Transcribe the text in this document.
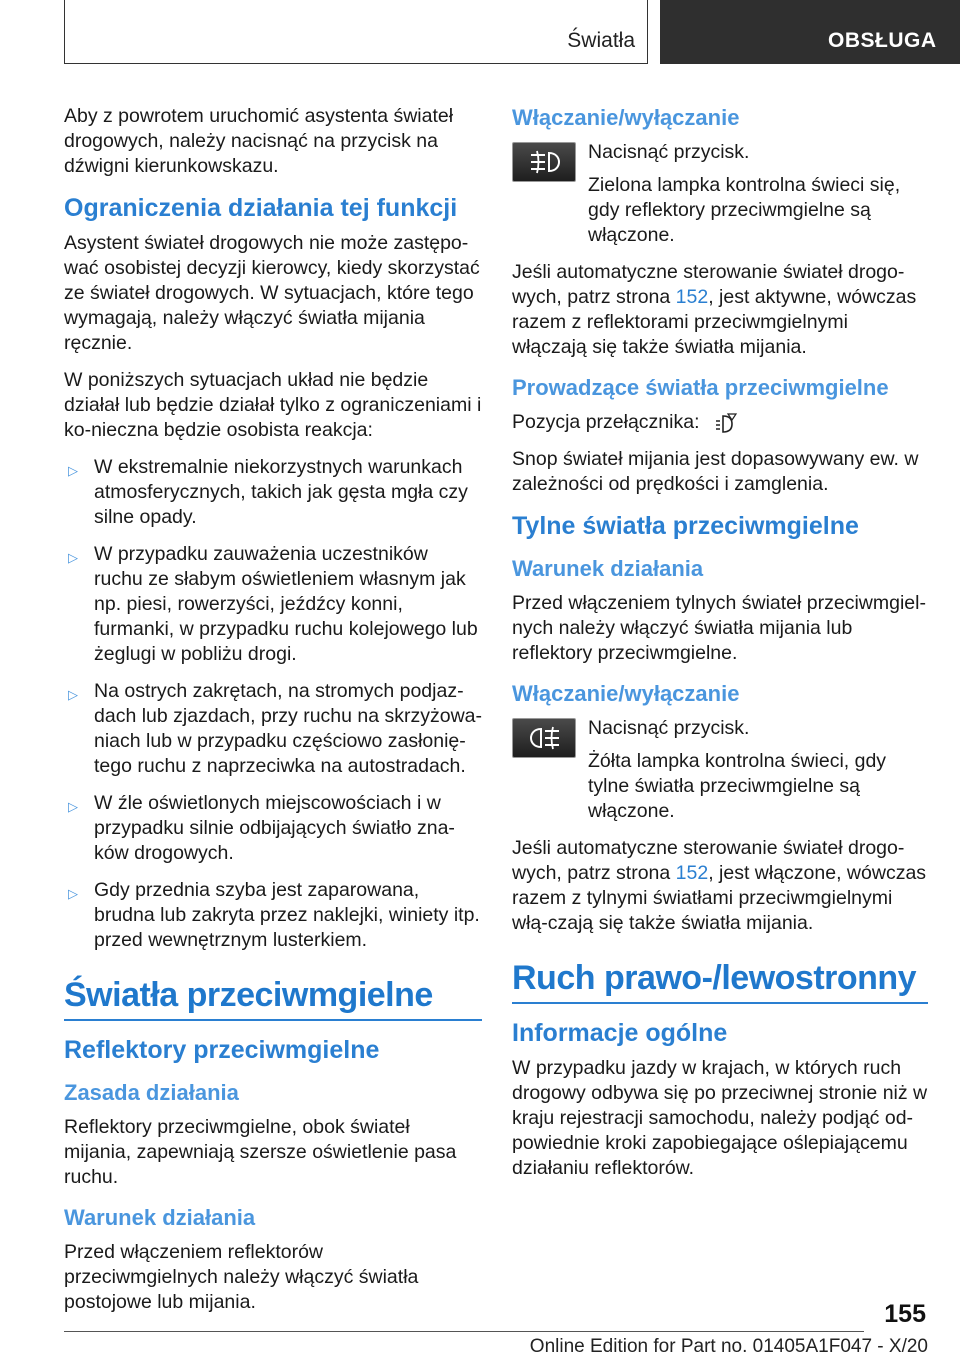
Światła	OBSŁUGA

Aby z powrotem uruchomić asystenta świateł drogowych, należy nacisnąć na przycisk na dźwigni kierunkowskazu.

Ograniczenia działania tej funkcji

Asystent świateł drogowych nie może zastępo‐wać osobistej decyzji kierowcy, kiedy skorzystać ze świateł drogowych. W sytuacjach, które tego wymagają, należy włączyć światła mijania ręcznie.

W poniższych sytuacjach układ nie będzie działał lub będzie działał tylko z ograniczeniami i ko‐nieczna będzie osobista reakcja:

▷ W ekstremalnie niekorzystnych warunkach atmosferycznych, takich jak gęsta mgła czy silne opady.
▷ W przypadku zauważenia uczestników ruchu ze słabym oświetleniem własnym jak np. piesi, rowerzyści, jeźdźcy konni, furmanki, w przypadku ruchu kolejowego lub żeglugi w pobliżu drogi.
▷ Na ostrych zakrętach, na stromych podjaz‐dach lub zjazdach, przy ruchu na skrzyżowa‐niach lub w przypadku częściowo zasłonię‐tego ruchu z naprzeciwka na autostradach.
▷ W źle oświetlonych miejscowościach i w przypadku silnie odbijających światło zna‐ków drogowych.
▷ Gdy przednia szyba jest zaparowana, brudna lub zakryta przez naklejki, winiety itp. przed wewnętrznym lusterkiem.
Światła przeciwmgielne
Reflektory przeciwmgielne
Zasada działania

Reflektory przeciwmgielne, obok świateł mijania, zapewniają szersze oświetlenie pasa ruchu.

Warunek działania

Przed włączeniem reflektorów przeciwmgielnych należy włączyć światła postojowe lub mijania.

Włączanie/wyłączanie

Nacisnąć przycisk.

Zielona lampka kontrolna świeci się, gdy reflektory przeciwmgielne są włączone.

Jeśli automatyczne sterowanie świateł drogo‐wych, patrz strona 152, jest aktywne, wówczas razem z reflektorami przeciwmgielnymi włączają się także światła mijania.

Prowadzące światła przeciwmgielne

Pozycja przełącznika:

Snop świateł mijania jest dopasowywany ew. w zależności od prędkości i zamglenia.

Tylne światła przeciwmgielne
Warunek działania

Przed włączeniem tylnych świateł przeciwmgiel‐nych należy włączyć światła mijania lub reflektory przeciwmgielne.

Włączanie/wyłączanie

Nacisnąć przycisk.

Żółta lampka kontrolna świeci, gdy tylne światła przeciwmgielne są włączone.

Jeśli automatyczne sterowanie świateł drogo‐wych, patrz strona 152, jest włączone, wówczas razem z tylnymi światłami przeciwmgielnymi włą‐czają się także światła mijania.

Ruch prawo-/lewostronny
Informacje ogólne

W przypadku jazdy w krajach, w których ruch drogowy odbywa się po przeciwnej stronie niż w kraju rejestracji samochodu, należy podjąć od‐powiednie kroki zapobiegające oślepiającemu działaniu reflektorów.

155
Online Edition for Part no. 01405A1F047 - X/20
